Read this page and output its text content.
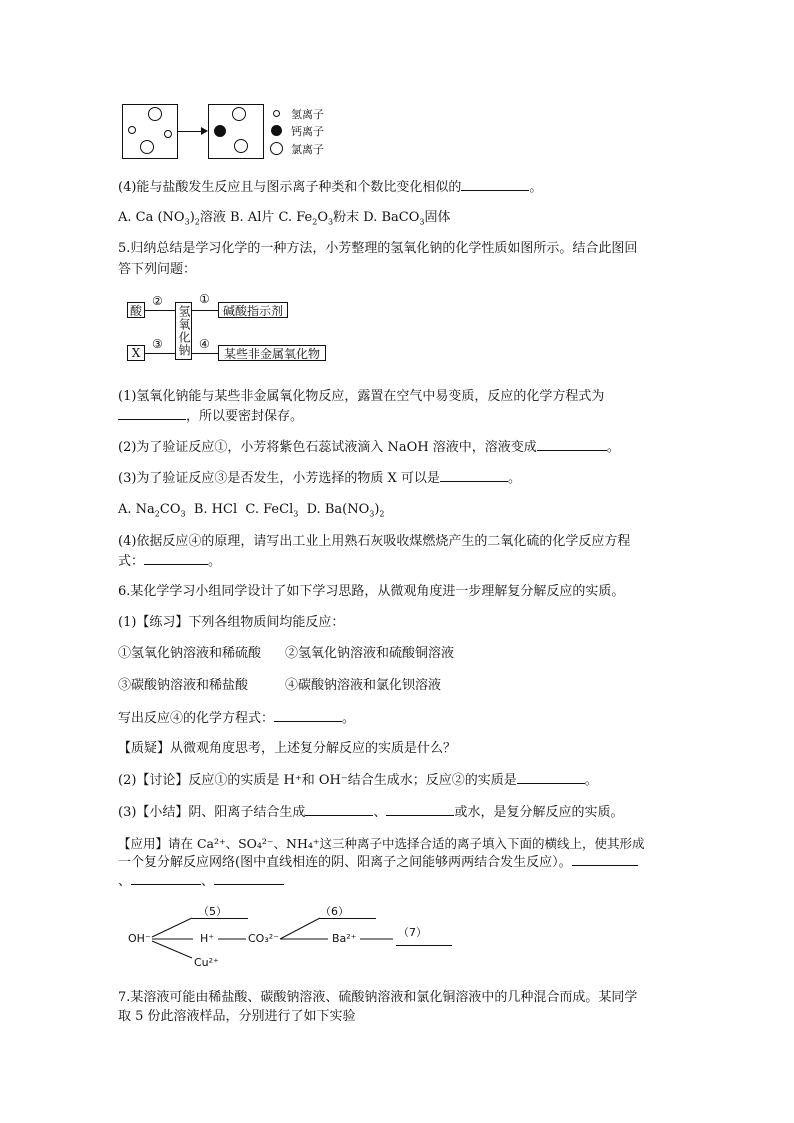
氢离子
钙离子
氯离子
(4)能与盐酸发生反应且与图示离子种类和个数比变化相似的	。
A. Ca $(NO_3)_2$溶液 B. Al片 C. $Fe_2O_3$粉末 D. BaCO$_3$固体
5.归纳总结是学习化学的一种方法，小芳整理的氢氧化钠的化学性质如图所示。结合此图回
答下列问题：
酸
X
②
③ 氢氧化钠
①
④
碱酸指示剂
某些非金属氧化物
(1)氢氧化钠能与某些非金属氧化物反应，露置在空气中易变质，反应的化学方程式为
，所以要密封保存。
(2)为了验证反应①，小芳将紫色石蕊试液滴入 NaOH 溶液中，溶液变成	。
(3)为了验证反应③是否发生，小芳选择的物质 X 可以是	。
A. $Na_2CO_3$  B. HCl  C. FeCl$_3$  D. $Ba(NO_3)_2$
(4)依据反应④的原理，请写出工业上用熟石灰吸收煤燃烧产生的二氧化硫的化学反应方程
式：	。
6.某化学学习小组同学设计了如下学习思路，从微观角度进一步理解复分解反应的实质。
(1)【练习】下列各组物质间均能反应：
①氢氧化钠溶液和稀硫酸 ②氢氧化钠溶液和硫酸铜溶液
③碳酸钠溶液和稀盐酸	④碳酸钠溶液和氯化钡溶液
写出反应④的化学方程式：	。
【质疑】从微观角度思考，上述复分解反应的实质是什么？
(2)【讨论】反应①的实质是 H⁺和 OH⁻结合生成水；反应②的实质是	。
(3)【小结】阴、阳离子结合生成	、	或水，是复分解反应的实质。
【应用】请在 Ca²⁺、SO₄²⁻、NH₄⁺这三种离子中选择合适的离子填入下面的横线上，使其形成
一个复分解反应网络(图中直线相连的阴、阳离子之间能够两两结合发生反应）。
、	、
OH⁻	H⁺	CO₃²⁻	Ba²⁺
Cu²⁺
（5）	（6）
（7）
7.某溶液可能由稀盐酸、碳酸钠溶液、硫酸钠溶液和氯化铜溶液中的几种混合而成。某同学
取 5 份此溶液样品，分别进行了如下实验
